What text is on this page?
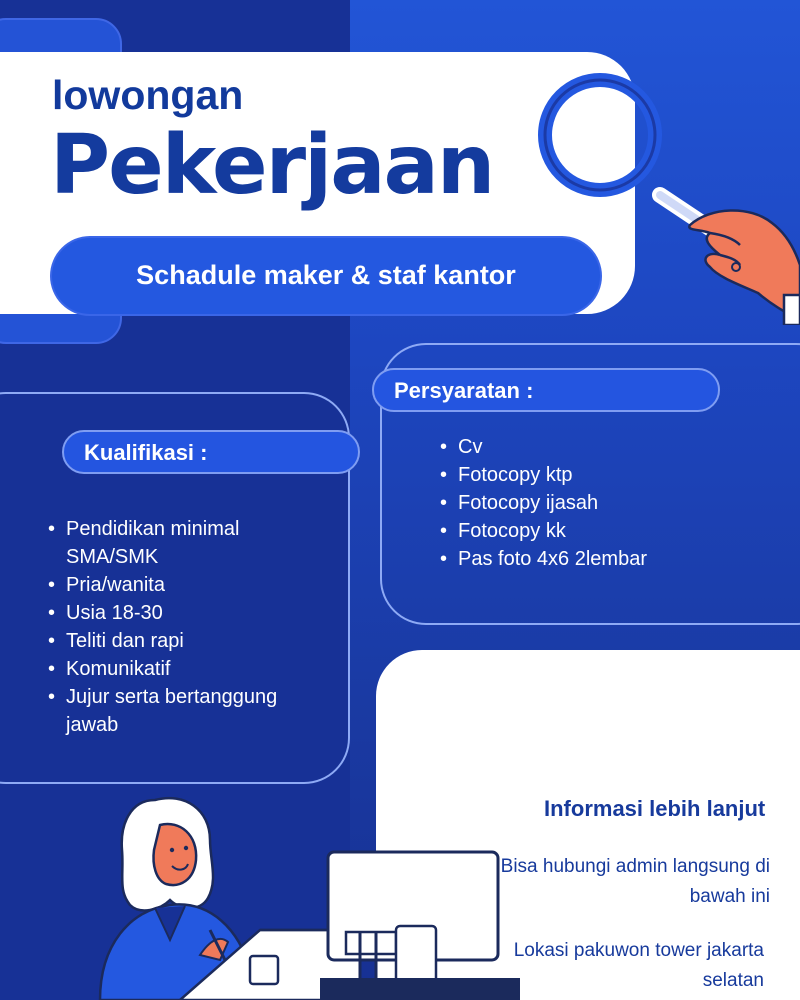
lowongan
Pekerjaan
Schadule maker & staf kantor
Persyaratan :
• Cv
• Fotocopy ktp
• Fotocopy ijasah
• Fotocopy kk
• Pas foto 4x6 2lembar
Kualifikasi :
• Pendidikan minimal SMA/SMK
• Pria/wanita
• Usia 18-30
• Teliti dan rapi
• Komunikatif
• Jujur serta bertanggung jawab
Informasi lebih lanjut
Bisa hubungi admin langsung di bawah ini
Lokasi pakuwon tower jakarta selatan
